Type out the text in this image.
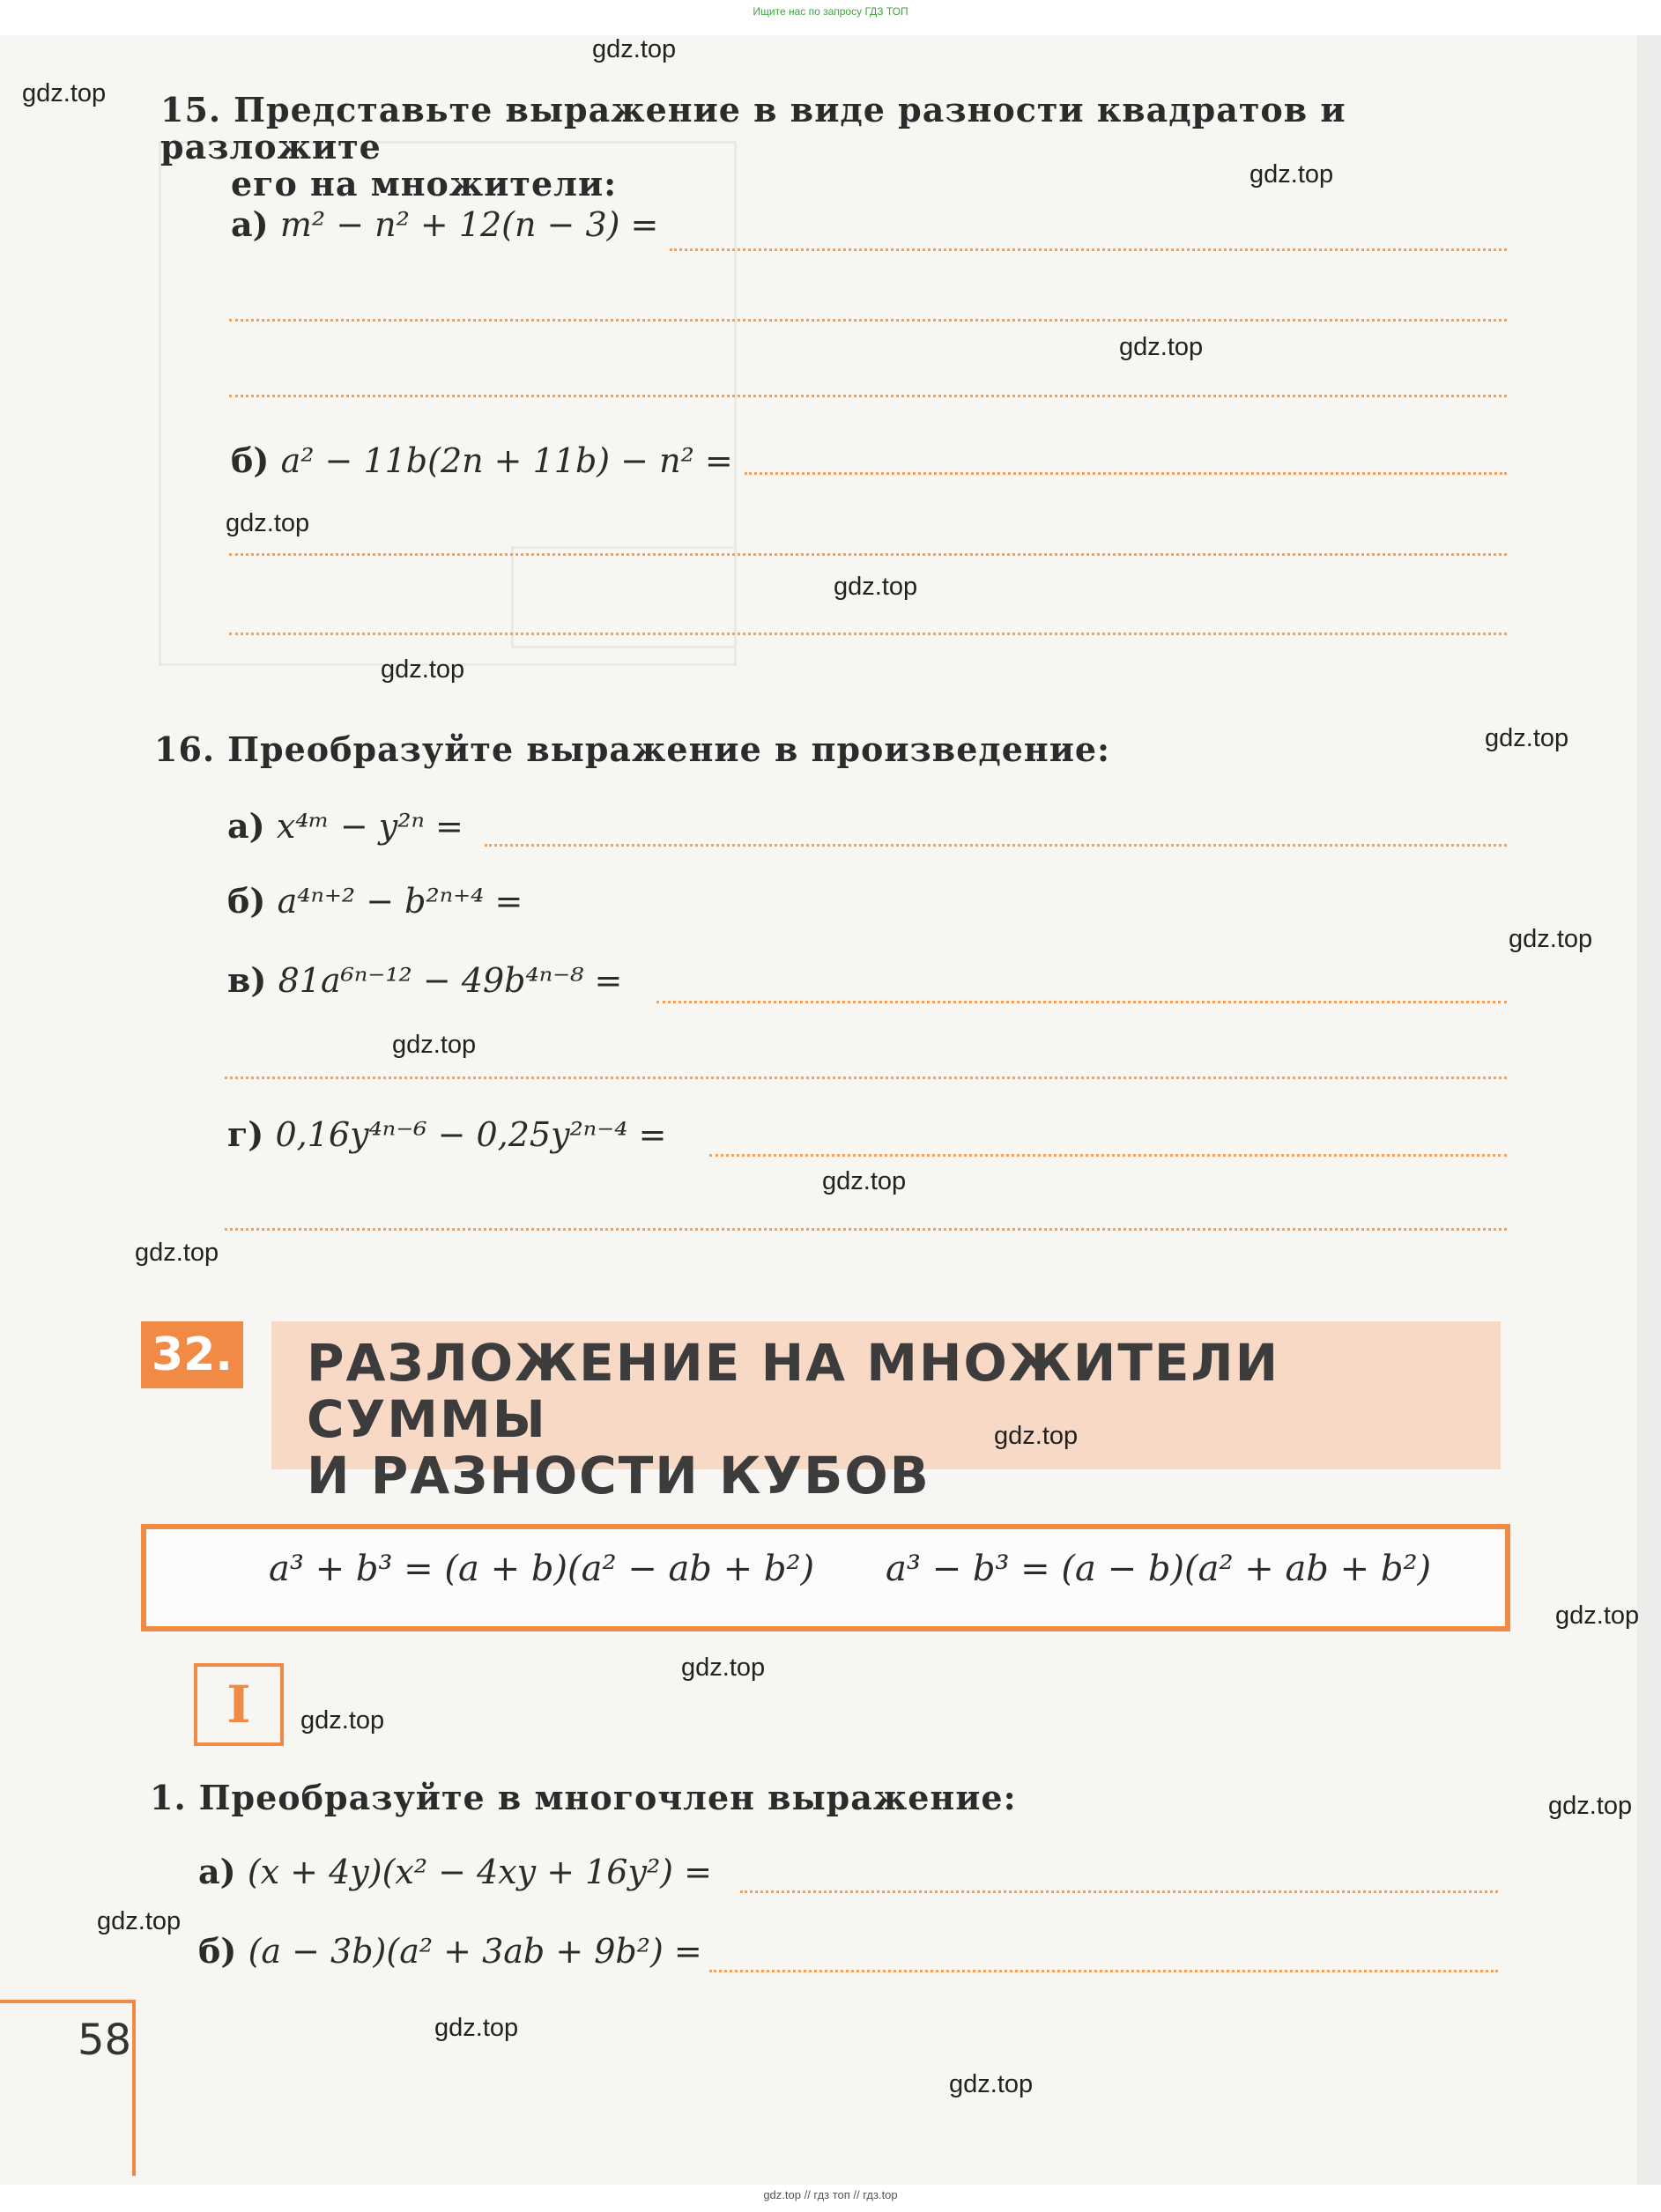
Ищите нас по запросу ГДЗ ТОП
15. Представьте выражение в виде разности квадратов и разложите
его на множители:
а) m² − n² + 12(n − 3) =
б) a² − 11b(2n + 11b) − n² =
16. Преобразуйте выражение в произведение:
а) x⁴ᵐ − y²ⁿ =
б) a⁴ⁿ⁺² − b²ⁿ⁺⁴ =
в) 81a⁶ⁿ⁻¹² − 49b⁴ⁿ⁻⁸ =
г) 0,16y⁴ⁿ⁻⁶ − 0,25y²ⁿ⁻⁴ =
32. РАЗЛОЖЕНИЕ НА МНОЖИТЕЛИ СУММЫ
И РАЗНОСТИ КУБОВ
a³ + b³ = (a + b)(a² − ab + b²) a³ − b³ = (a − b)(a² + ab + b²)
I
1. Преобразуйте в многочлен выражение:
а) (x + 4y)(x² − 4xy + 16y²) =
б) (a − 3b)(a² + 3ab + 9b²) =
58
gdz.top
gdz.top
gdz.top
gdz.top
gdz.top
gdz.top
gdz.top
gdz.top
gdz.top
gdz.top
gdz.top
gdz.top
gdz.top
gdz.top
gdz.top
gdz.top
gdz.top
gdz.top
gdz.top
gdz.top
gdz.top // гдз топ // гдз.top
